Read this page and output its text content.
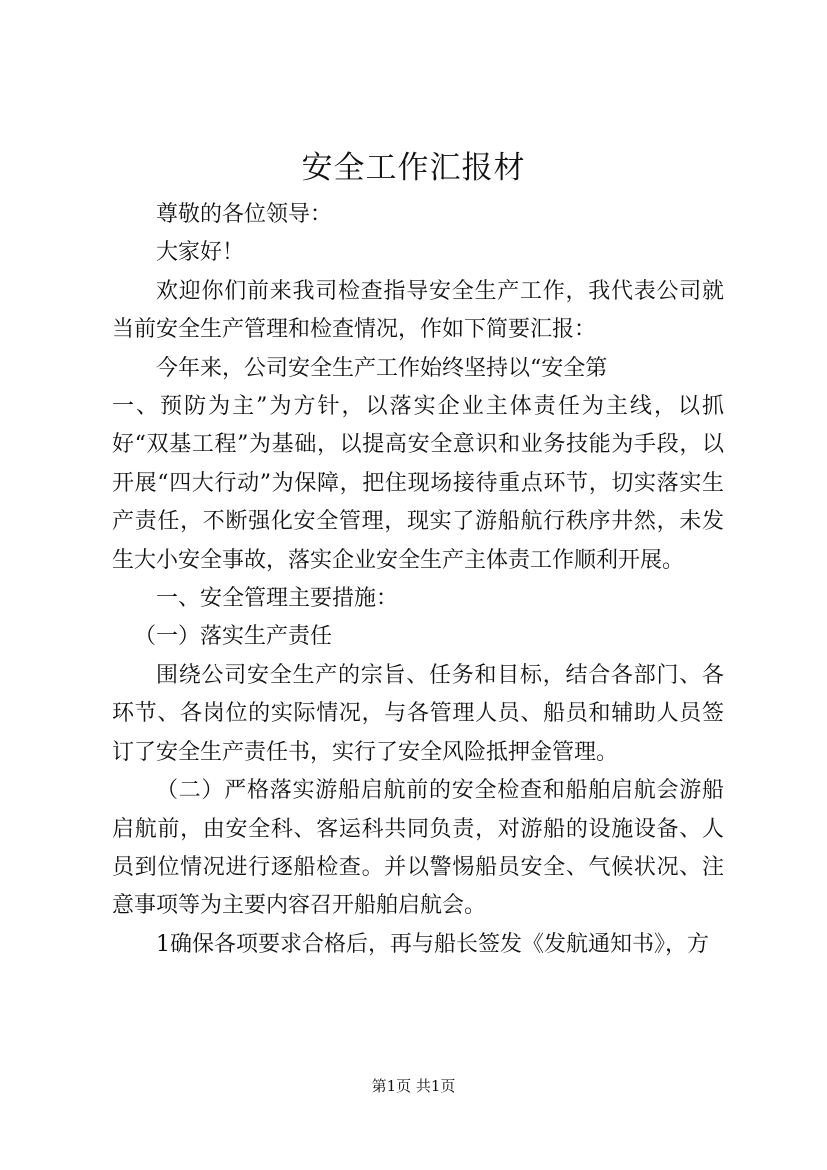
安全工作汇报材

尊敬的各位领导：

大家好！

欢迎你们前来我司检查指导安全生产工作，我代表公司就当前安全生产管理和检查情况，作如下简要汇报：

今年来，公司安全生产工作始终坚持以“安全第

一、预防为主”为方针，以落实企业主体责任为主线，以抓好“双基工程”为基础，以提高安全意识和业务技能为手段，以开展“四大行动”为保障，把住现场接待重点环节，切实落实生产责任，不断强化安全管理，现实了游船航行秩序井然，未发生大小安全事故，落实企业安全生产主体责工作顺利开展。

一、安全管理主要措施：

（一）落实生产责任

围绕公司安全生产的宗旨、任务和目标，结合各部门、各环节、各岗位的实际情况，与各管理人员、船员和辅助人员签订了安全生产责任书，实行了安全风险抵押金管理。

（二）严格落实游船启航前的安全检查和船舶启航会游船启航前，由安全科、客运科共同负责，对游船的设施设备、人员到位情况进行逐船检查。并以警惕船员安全、气候状况、注意事项等为主要内容召开船舶启航会。

1确保各项要求合格后，再与船长签发《发航通知书》，方

第1页 共1页
